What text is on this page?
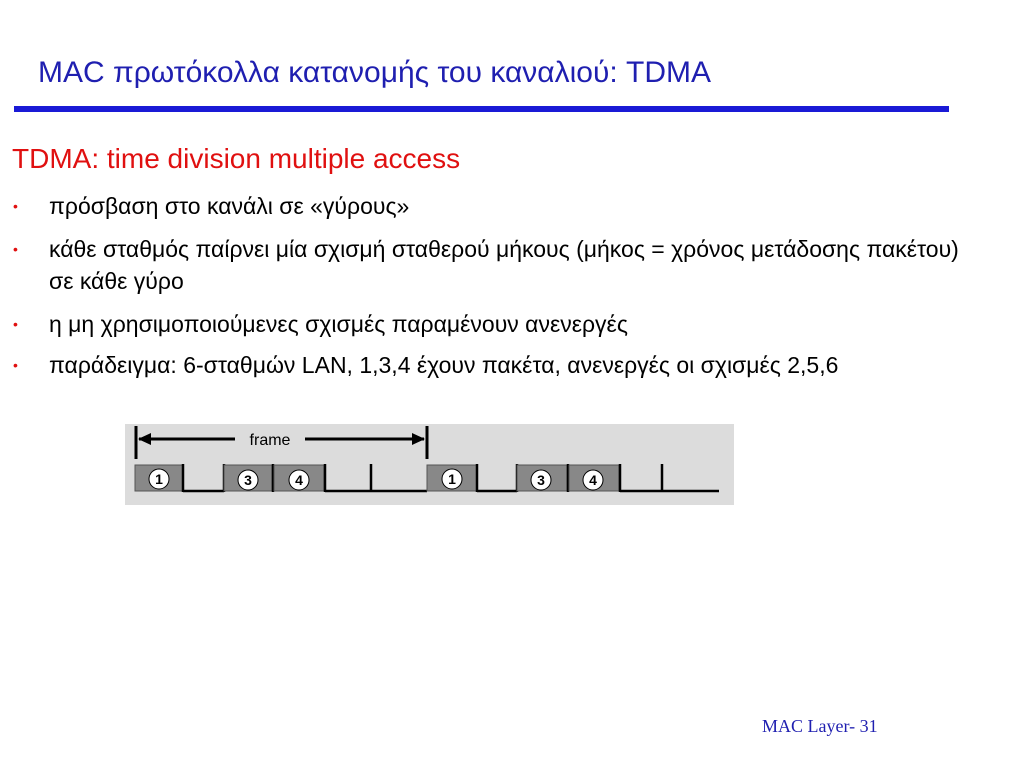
MAC πρωτόκολλα κατανομής του καναλιού: TDMA
TDMA: time division multiple access
• πρόσβαση στο κανάλι σε «γύρους»
• κάθε σταθμός παίρνει μία σχισμή σταθερού μήκους (μήκος = χρόνος μετάδοσης πακέτου) σε κάθε γύρο
• η μη χρησιμοποιούμενες σχισμές παραμένουν ανενεργές
• παράδειγμα: 6-σταθμών LAN, 1,3,4 έχουν πακέτα, ανενεργές οι σχισμές 2,5,6
frame
1	3	4	1	3	4
MAC Layer- 31
